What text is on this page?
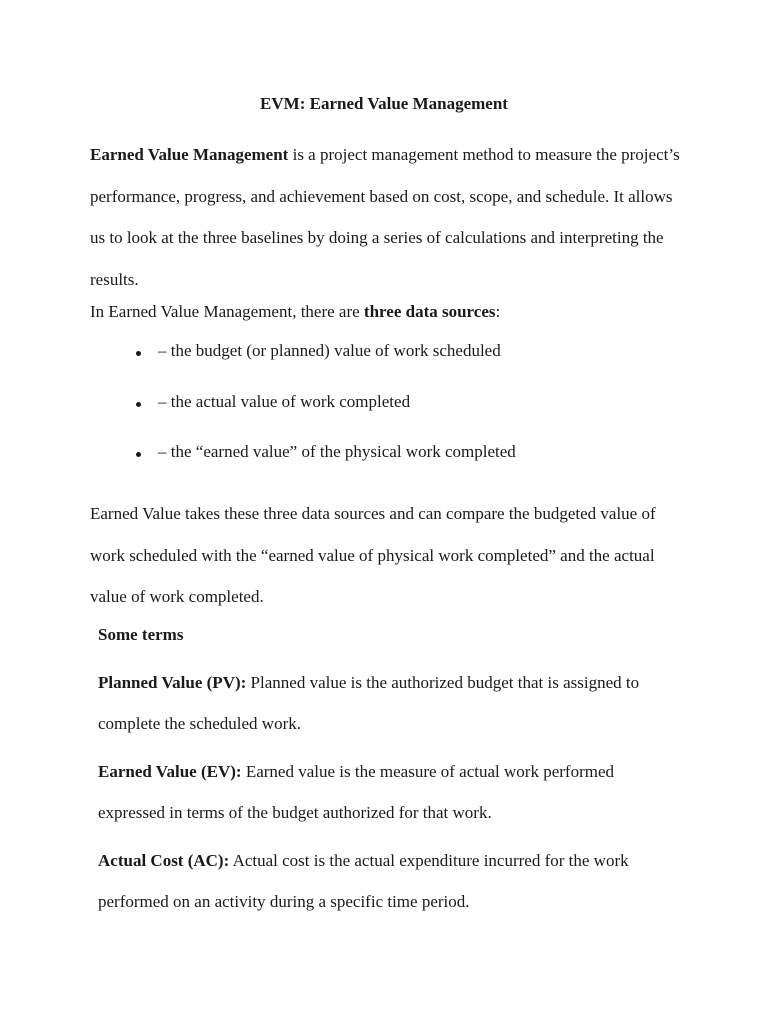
EVM: Earned Value Management

Earned Value Management is a project management method to measure the project’s performance, progress, and achievement based on cost, scope, and schedule. It allows us to look at the three baselines by doing a series of calculations and interpreting the results.

In Earned Value Management, there are three data sources:

– the budget (or planned) value of work scheduled
– the actual value of work completed
– the “earned value” of the physical work completed

Earned Value takes these three data sources and can compare the budgeted value of work scheduled with the “earned value of physical work completed” and the actual value of work completed.

Some terms

Planned Value (PV): Planned value is the authorized budget that is assigned to complete the scheduled work.

Earned Value (EV): Earned value is the measure of actual work performed expressed in terms of the budget authorized for that work.

Actual Cost (AC): Actual cost is the actual expenditure incurred for the work performed on an activity during a specific time period.
